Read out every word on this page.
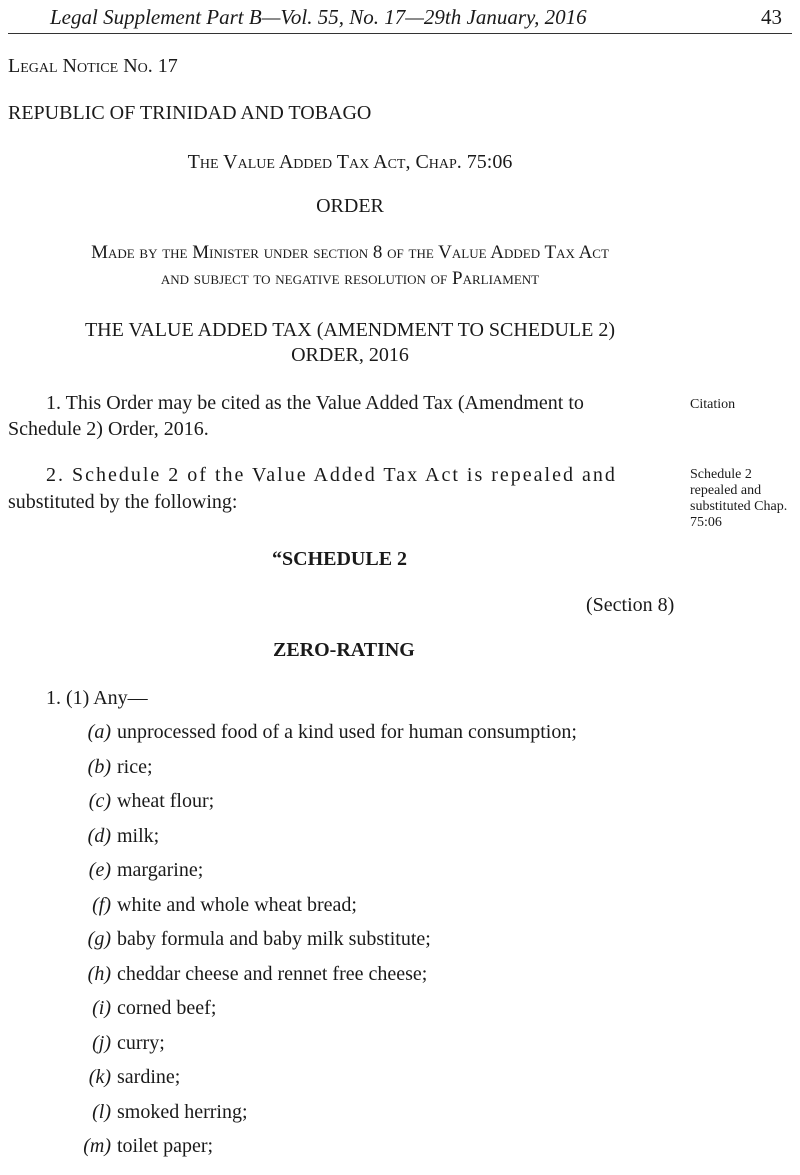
Legal Supplement Part B—Vol. 55, No. 17—29th January, 2016	43
Legal Notice No. 17
REPUBLIC OF TRINIDAD AND TOBAGO
The Value Added Tax Act, Chap. 75:06
ORDER
Made by the Minister under section 8 of the Value Added Tax Act
and subject to negative resolution of Parliament
THE VALUE ADDED TAX (AMENDMENT TO SCHEDULE 2)
ORDER, 2016
1. This Order may be cited as the Value Added Tax (Amendment to
Schedule 2) Order, 2016.
Citation
2. Schedule 2 of the Value Added Tax Act is repealed and
substituted by the following:
Schedule 2 repealed and substituted Chap. 75:06
“SCHEDULE 2
(Section 8)
ZERO-RATING
1. (1) Any—
(a) unprocessed food of a kind used for human consumption;
(b) rice;
(c) wheat flour;
(d) milk;
(e) margarine;
(f) white and whole wheat bread;
(g) baby formula and baby milk substitute;
(h) cheddar cheese and rennet free cheese;
(i) corned beef;
(j) curry;
(k) sardine;
(l) smoked herring;
(m) toilet paper;
